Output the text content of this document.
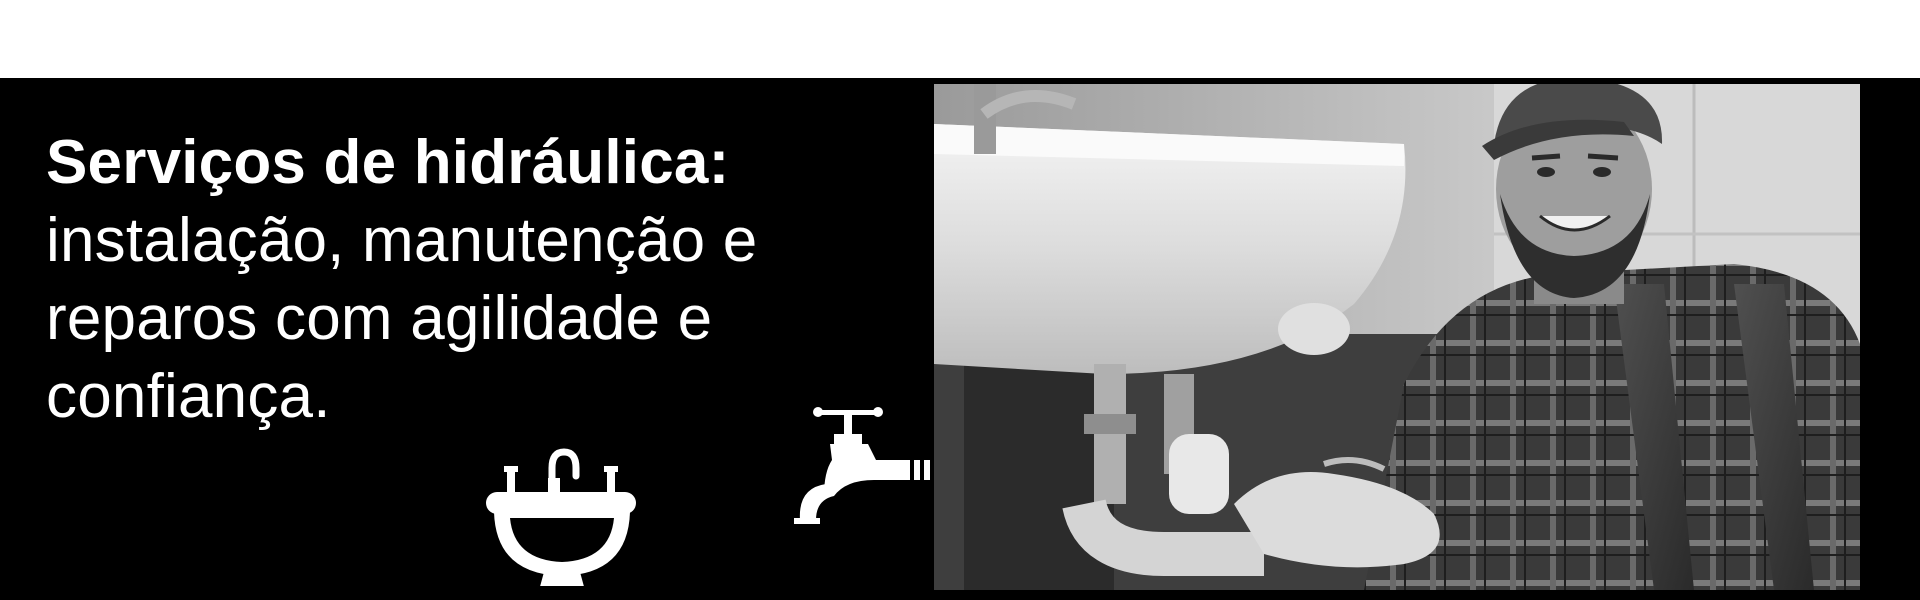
Serviços de hidráulica:
instalação, manutenção e
reparos com agilidade e
confiança.
